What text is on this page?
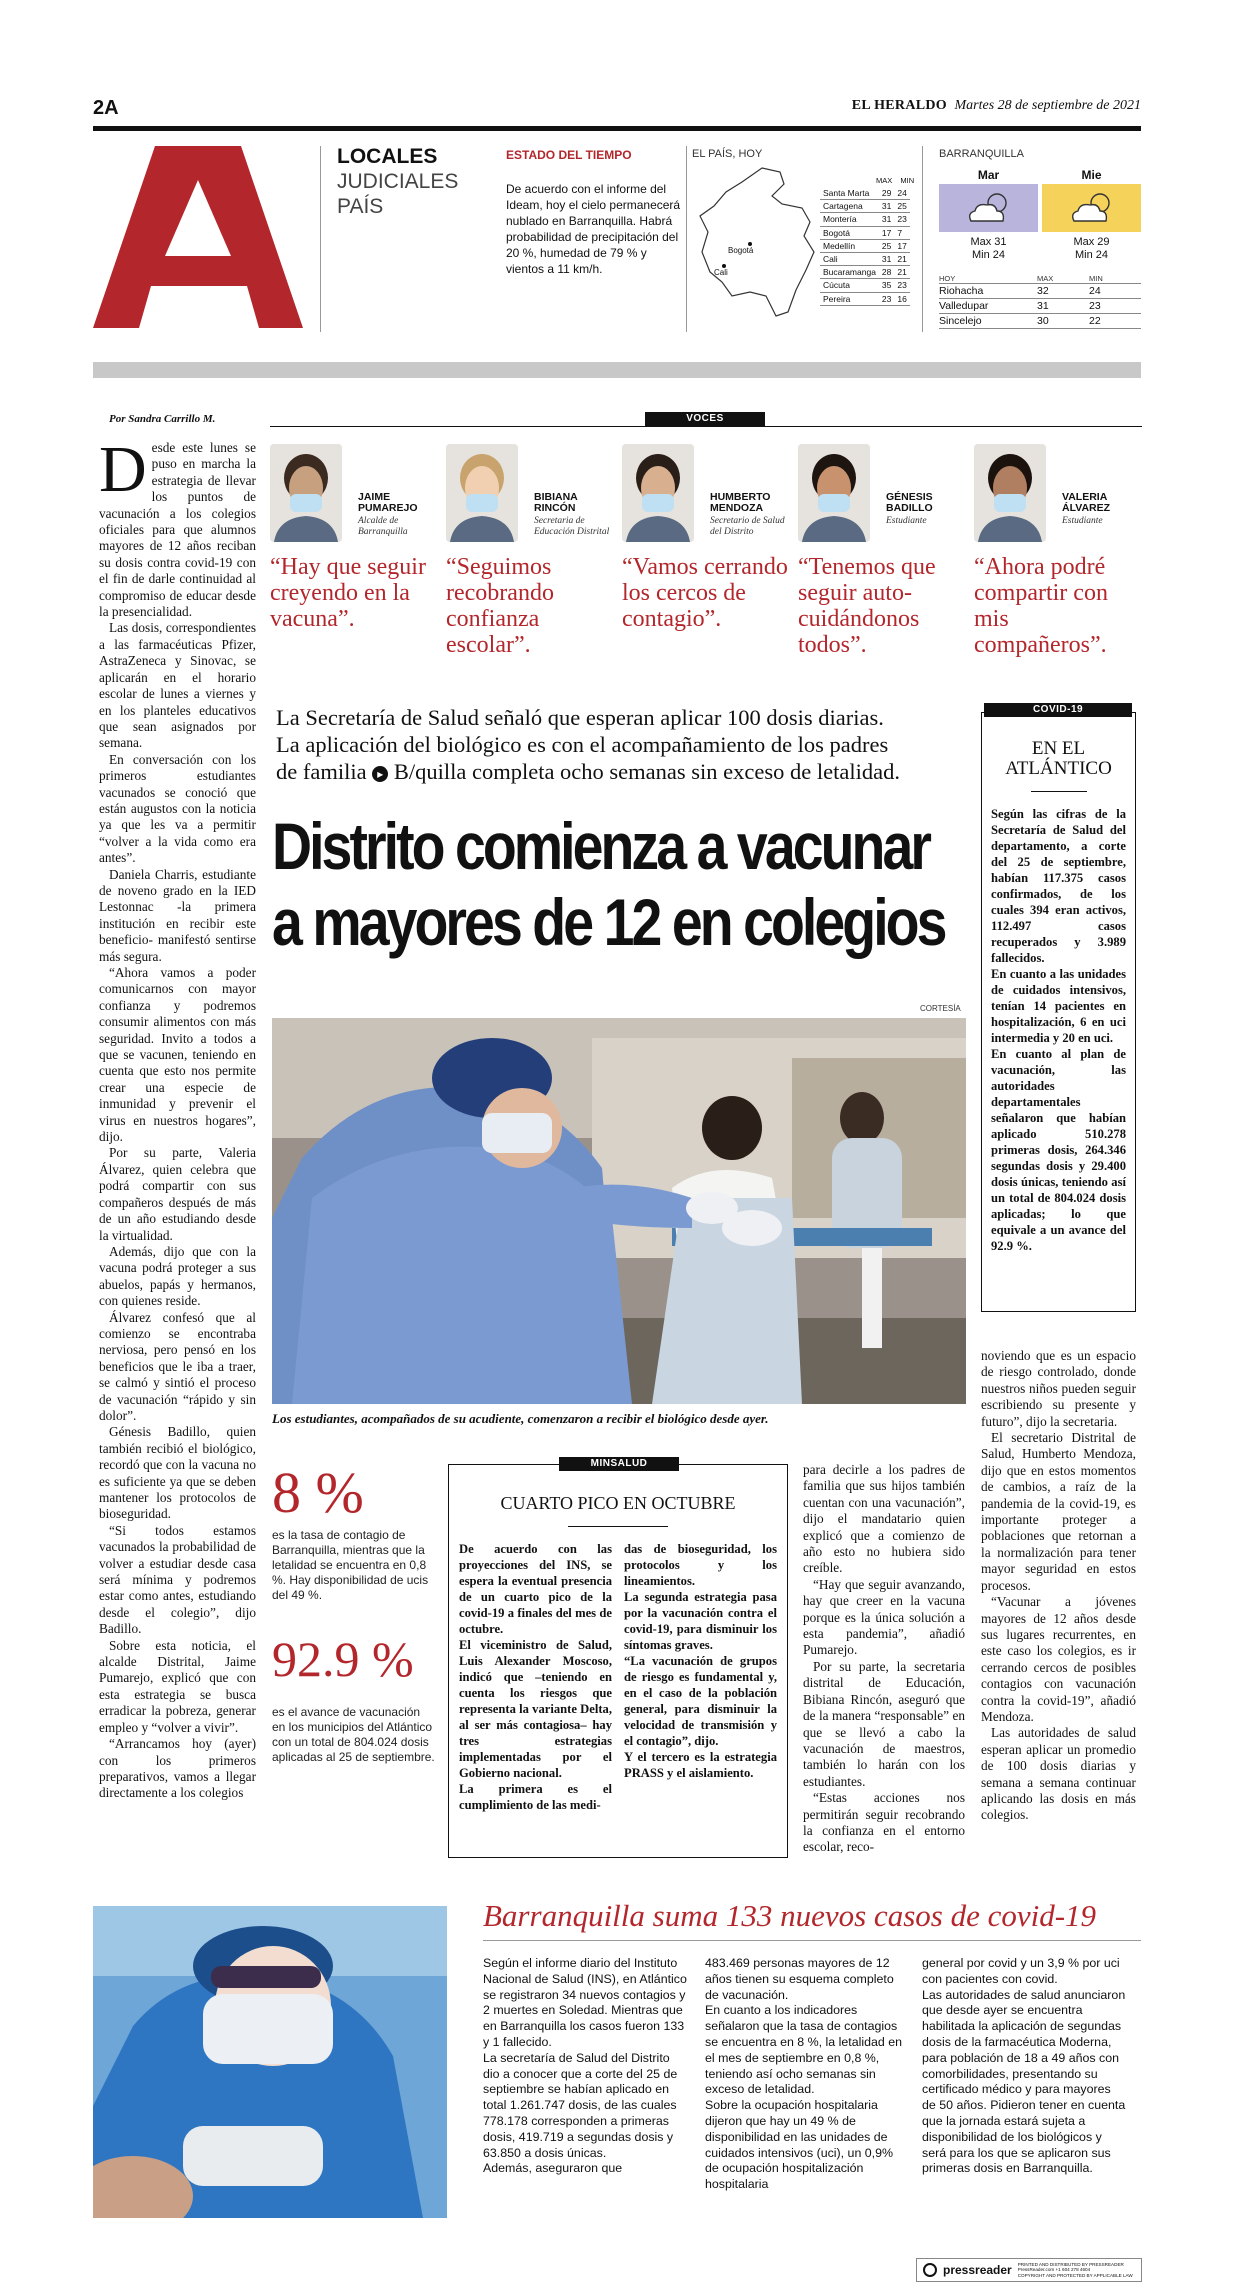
2A	EL HERALDO Martes 28 de septiembre de 2021
LOCALES
JUDICIALES
PAÍS
ESTADO DEL TIEMPO
De acuerdo con el informe del Ideam, hoy el cielo permanecerá nublado en Barranquilla. Habrá probabilidad de precipitación del 20 %, humedad de 79 % y vientos a 11 km/h.
EL PAÍS, HOY
Bogotá
Cali
MAX MIN
Santa Marta	29	24
Cartagena	31	25
Montería	31	23
Bogotá	17	7
Medellín	25	17
Cali	31	21
Bucaramanga	28	21
Cúcuta	35	23
Pereira	23	16
BARRANQUILLA
Mar
Max 31
Min 24
Mie
Max 29
Min 24
HOY	MAX	MIN
Riohacha	32	24
Valledupar	31	23
Sincelejo	30	22
Por Sandra Carrillo M.	VOCES
JAIME PUMAREJO
Alcalde de Barranquilla
“Hay que seguir creyendo en la vacuna”.
BIBIANA RINCÓN
Secretaria de Educación Distrital
“Seguimos recobrando confianza escolar”.
HUMBERTO MENDOZA
Secretario de Salud del Distrito
“Vamos cerrando los cercos de contagio”.
GÉNESIS BADILLO
Estudiante
“Tenemos que seguir auto-cuidándonos todos”.
VALERIA ÁLVAREZ
Estudiante
“Ahora podré compartir con mis compañeros”.
D esde este lunes se puso en marcha la estrategia de llevar los puntos de vacunación a los colegios oficiales para que alumnos mayores de 12 años reciban su dosis contra covid-19 con el fin de darle continuidad al compromiso de educar desde la presencialidad.

Las dosis, correspondientes a las farmacéuticas Pfizer, AstraZeneca y Sinovac, se aplicarán en el horario escolar de lunes a viernes y en los planteles educativos que sean asignados por semana.

En conversación con los primeros estudiantes vacunados se conoció que están augustos con la noticia ya que les va a permitir “volver a la vida como era antes”.

Daniela Charris, estudiante de noveno grado en la IED Lestonnac -la primera institución en recibir este beneficio- manifestó sentirse más segura.

“Ahora vamos a poder comunicarnos con mayor confianza y podremos consumir alimentos con más seguridad. Invito a todos a que se vacunen, teniendo en cuenta que esto nos permite crear una especie de inmunidad y prevenir el virus en nuestros hogares”, dijo.

Por su parte, Valeria Álvarez, quien celebra que podrá compartir con sus compañeros después de más de un año estudiando desde la virtualidad.

Además, dijo que con la vacuna podrá proteger a sus abuelos, papás y hermanos, con quienes reside.

Álvarez confesó que al comienzo se encontraba nerviosa, pero pensó en los beneficios que le iba a traer, se calmó y sintió el proceso de vacunación “rápido y sin dolor”.

Génesis Badillo, quien también recibió el biológico, recordó que con la vacuna no es suficiente ya que se deben mantener los protocolos de bioseguridad.

“Si todos estamos vacunados la probabilidad de volver a estudiar desde casa será mínima y podremos estar como antes, estudiando desde el colegio”, dijo Badillo.

Sobre esta noticia, el alcalde Distrital, Jaime Pumarejo, explicó que con esta estrategia se busca erradicar la pobreza, generar empleo y “volver a vivir”.

“Arrancamos hoy (ayer) con los primeros preparativos, vamos a llegar directamente a los colegios

La Secretaría de Salud señaló que esperan aplicar 100 dosis diarias.
La aplicación del biológico es con el acompañamiento de los padres
de familia ▸ B/quilla completa ocho semanas sin exceso de letalidad.
Distrito comienza a vacunar
a mayores de 12 en colegios
CORTESÍA
Los estudiantes, acompañados de su acudiente, comenzaron a recibir el biológico desde ayer.
COVID-19
EN EL
ATLÁNTICO

Según las cifras de la Secretaría de Salud del departamento, a corte del 25 de septiembre, habían 117.375 casos confirmados, de los cuales 394 eran activos, 112.497 casos recuperados y 3.989 fallecidos.

En cuanto a las unidades de cuidados intensivos, tenían 14 pacientes en hospitalización, 6 en uci intermedia y 20 en uci.

En cuanto al plan de vacunación, las autoridades departamentales señalaron que habían aplicado 510.278 primeras dosis, 264.346 segundas dosis y 29.400 dosis únicas, teniendo así un total de 804.024 dosis aplicadas; lo que equivale a un avance del 92.9 %.

noviendo que es un espacio de riesgo controlado, donde nuestros niños pueden seguir escribiendo su presente y futuro”, dijo la secretaria.

El secretario Distrital de Salud, Humberto Mendoza, dijo que en estos momentos de cambios, a raíz de la pandemia de la covid-19, es importante proteger a poblaciones que retornan a la normalización para tener mayor seguridad en estos procesos.

“Vacunar a jóvenes mayores de 12 años desde sus lugares recurrentes, en este caso los colegios, es ir cerrando cercos de posibles contagios con vacunación contra la covid-19”, añadió Mendoza.

Las autoridades de salud esperan aplicar un promedio de 100 dosis diarias y semana a semana continuar aplicando las dosis en más colegios.

8 %
es la tasa de contagio de Barranquilla, mientras que la letalidad se encuentra en 0,8 %. Hay disponibilidad de ucis del 49 %.
92.9 %
es el avance de vacunación en los municipios del Atlántico con un total de 804.024 dosis aplicadas al 25 de septiembre.
MINSALUD
CUARTO PICO EN OCTUBRE

De acuerdo con las proyecciones del INS, se espera la eventual presencia de un cuarto pico de la covid-19 a finales del mes de octubre.

El viceministro de Salud, Luis Alexander Moscoso, indicó que –teniendo en cuenta los riesgos que representa la variante Delta, al ser más contagiosa– hay tres estrategias implementadas por el Gobierno nacional.

La primera es el cumplimiento de las medi-

das de bioseguridad, los protocolos y los lineamientos.

La segunda estrategia pasa por la vacunación contra el covid-19, para disminuir los síntomas graves.

“La vacunación de grupos de riesgo es fundamental y, en el caso de la población general, para disminuir la velocidad de transmisión y el contagio”, dijo.

Y el tercero es la estrategia PRASS y el aislamiento.

para decirle a los padres de familia que sus hijos también cuentan con una vacunación”, dijo el mandatario quien explicó que a comienzo de año esto no hubiera sido creíble.

“Hay que seguir avanzando, hay que creer en la vacuna porque es la única solución a esta pandemia”, añadió Pumarejo.

Por su parte, la secretaria distrital de Educación, Bibiana Rincón, aseguró que de la manera “responsable” en que se llevó a cabo la vacunación de maestros, también lo harán con los estudiantes.

“Estas acciones nos permitirán seguir recobrando la confianza en el entorno escolar, reco-

Barranquilla suma 133 nuevos casos de covid-19

Según el informe diario del Instituto Nacional de Salud (INS), en Atlántico se registraron 34 nuevos contagios y 2 muertes en Soledad. Mientras que en Barranquilla los casos fueron 133 y 1 fallecido.

La secretaría de Salud del Distrito dio a conocer que a corte del 25 de septiembre se habían aplicado en total 1.261.747 dosis, de las cuales 778.178 corresponden a primeras dosis, 419.719 a segundas dosis y 63.850 a dosis únicas.

Además, aseguraron que

483.469 personas mayores de 12 años tienen su esquema completo de vacunación.

En cuanto a los indicadores señalaron que la tasa de contagios se encuentra en 8 %, la letalidad en el mes de septiembre en 0,8 %, teniendo así ocho semanas sin exceso de letalidad.

Sobre la ocupación hospitalaria dijeron que hay un 49 % de disponibilidad en las unidades de cuidados intensivos (uci), un 0,9% de ocupación hospitalización hospitalaria

general por covid y un 3,9 % por uci con pacientes con covid.

Las autoridades de salud anunciaron que desde ayer se encuentra habilitada la aplicación de segundas dosis de la farmacéutica Moderna, para población de 18 a 49 años con comorbilidades, presentando su certificado médico y para mayores de 50 años. Pidieron tener en cuenta que la jornada estará sujeta a disponibilidad de los biológicos y será para los que se aplicaron sus primeras dosis en Barranquilla.

pressreader PRINTED AND DISTRIBUTED BY PRESSREADER
PressReader.com +1 604 278 4604
COPYRIGHT AND PROTECTED BY APPLICABLE LAW
